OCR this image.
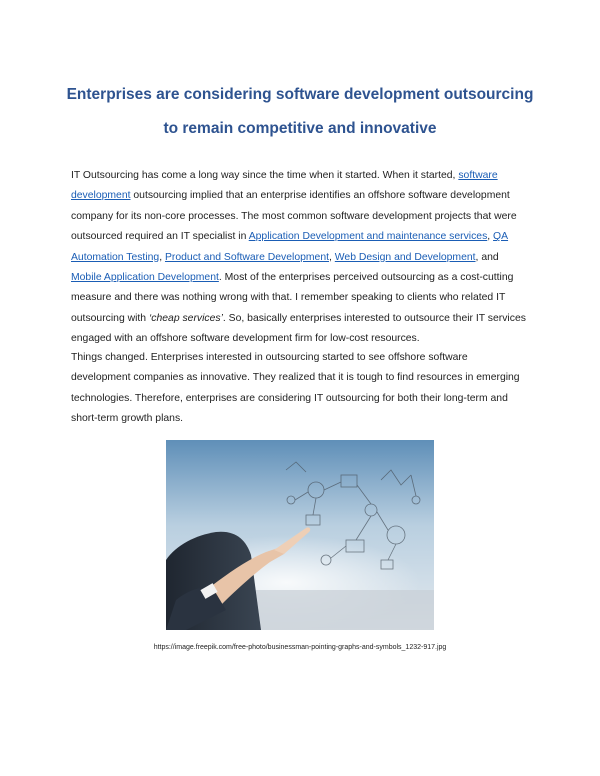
Enterprises are considering software development outsourcing to remain competitive and innovative

IT Outsourcing has come a long way since the time when it started. When it started, software development outsourcing implied that an enterprise identifies an offshore software development company for its non-core processes. The most common software development projects that were outsourced required an IT specialist in Application Development and maintenance services, QA Automation Testing, Product and Software Development, Web Design and Development, and Mobile Application Development. Most of the enterprises perceived outsourcing as a cost-cutting measure and there was nothing wrong with that. I remember speaking to clients who related IT outsourcing with ‘cheap services’. So, basically enterprises interested to outsource their IT services engaged with an offshore software development firm for low-cost resources.

Things changed. Enterprises interested in outsourcing started to see offshore software development companies as innovative. They realized that it is tough to find resources in emerging technologies. Therefore, enterprises are considering IT outsourcing for both their long-term and short-term growth plans.

https://image.freepik.com/free-photo/businessman-pointing-graphs-and-symbols_1232-917.jpg
